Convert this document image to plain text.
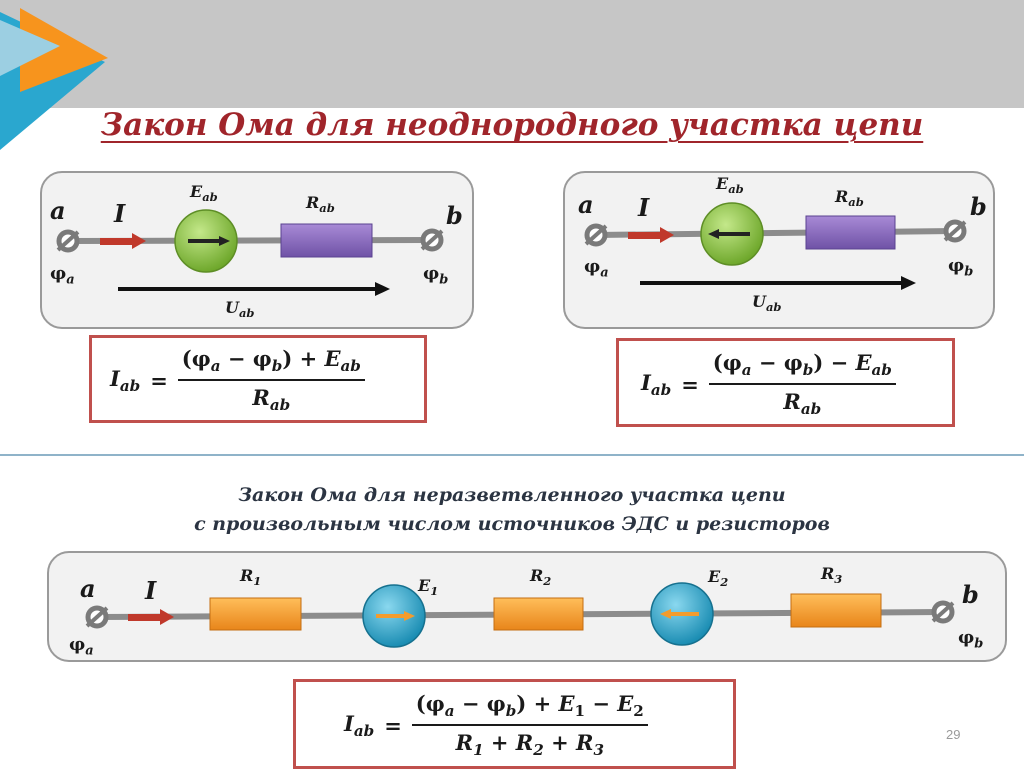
Закон Ома для неоднородного участка цепи
a I	b
$\varphi_a$	$\varphi_b$
$E_{ab}$	$R_{ab}$
$U_{ab}$
a I	b
$\varphi_a$	$\varphi_b$
$E_{ab}$	$R_{ab}$
$U_{ab}$
$I_{ab} = \frac{(\varphi_a - \varphi_b) + E_{ab}}{R_{ab}}$	$I_{ab} = \frac{(\varphi_a - \varphi_b) - E_{ab}}{R_{ab}}$
Закон Ома для неразветвленного участка цепи
с произвольным числом источников ЭДС и резисторов
a I	b
$\varphi_a$
$\varphi_b$
$R_1$	$E_1$
$R_2$	$E_2$	$R_3$
$I_{ab} = \frac{(\varphi_a - \varphi_b) + E_1 - E_2}{R_1 + R_2 + R_3}$	29
